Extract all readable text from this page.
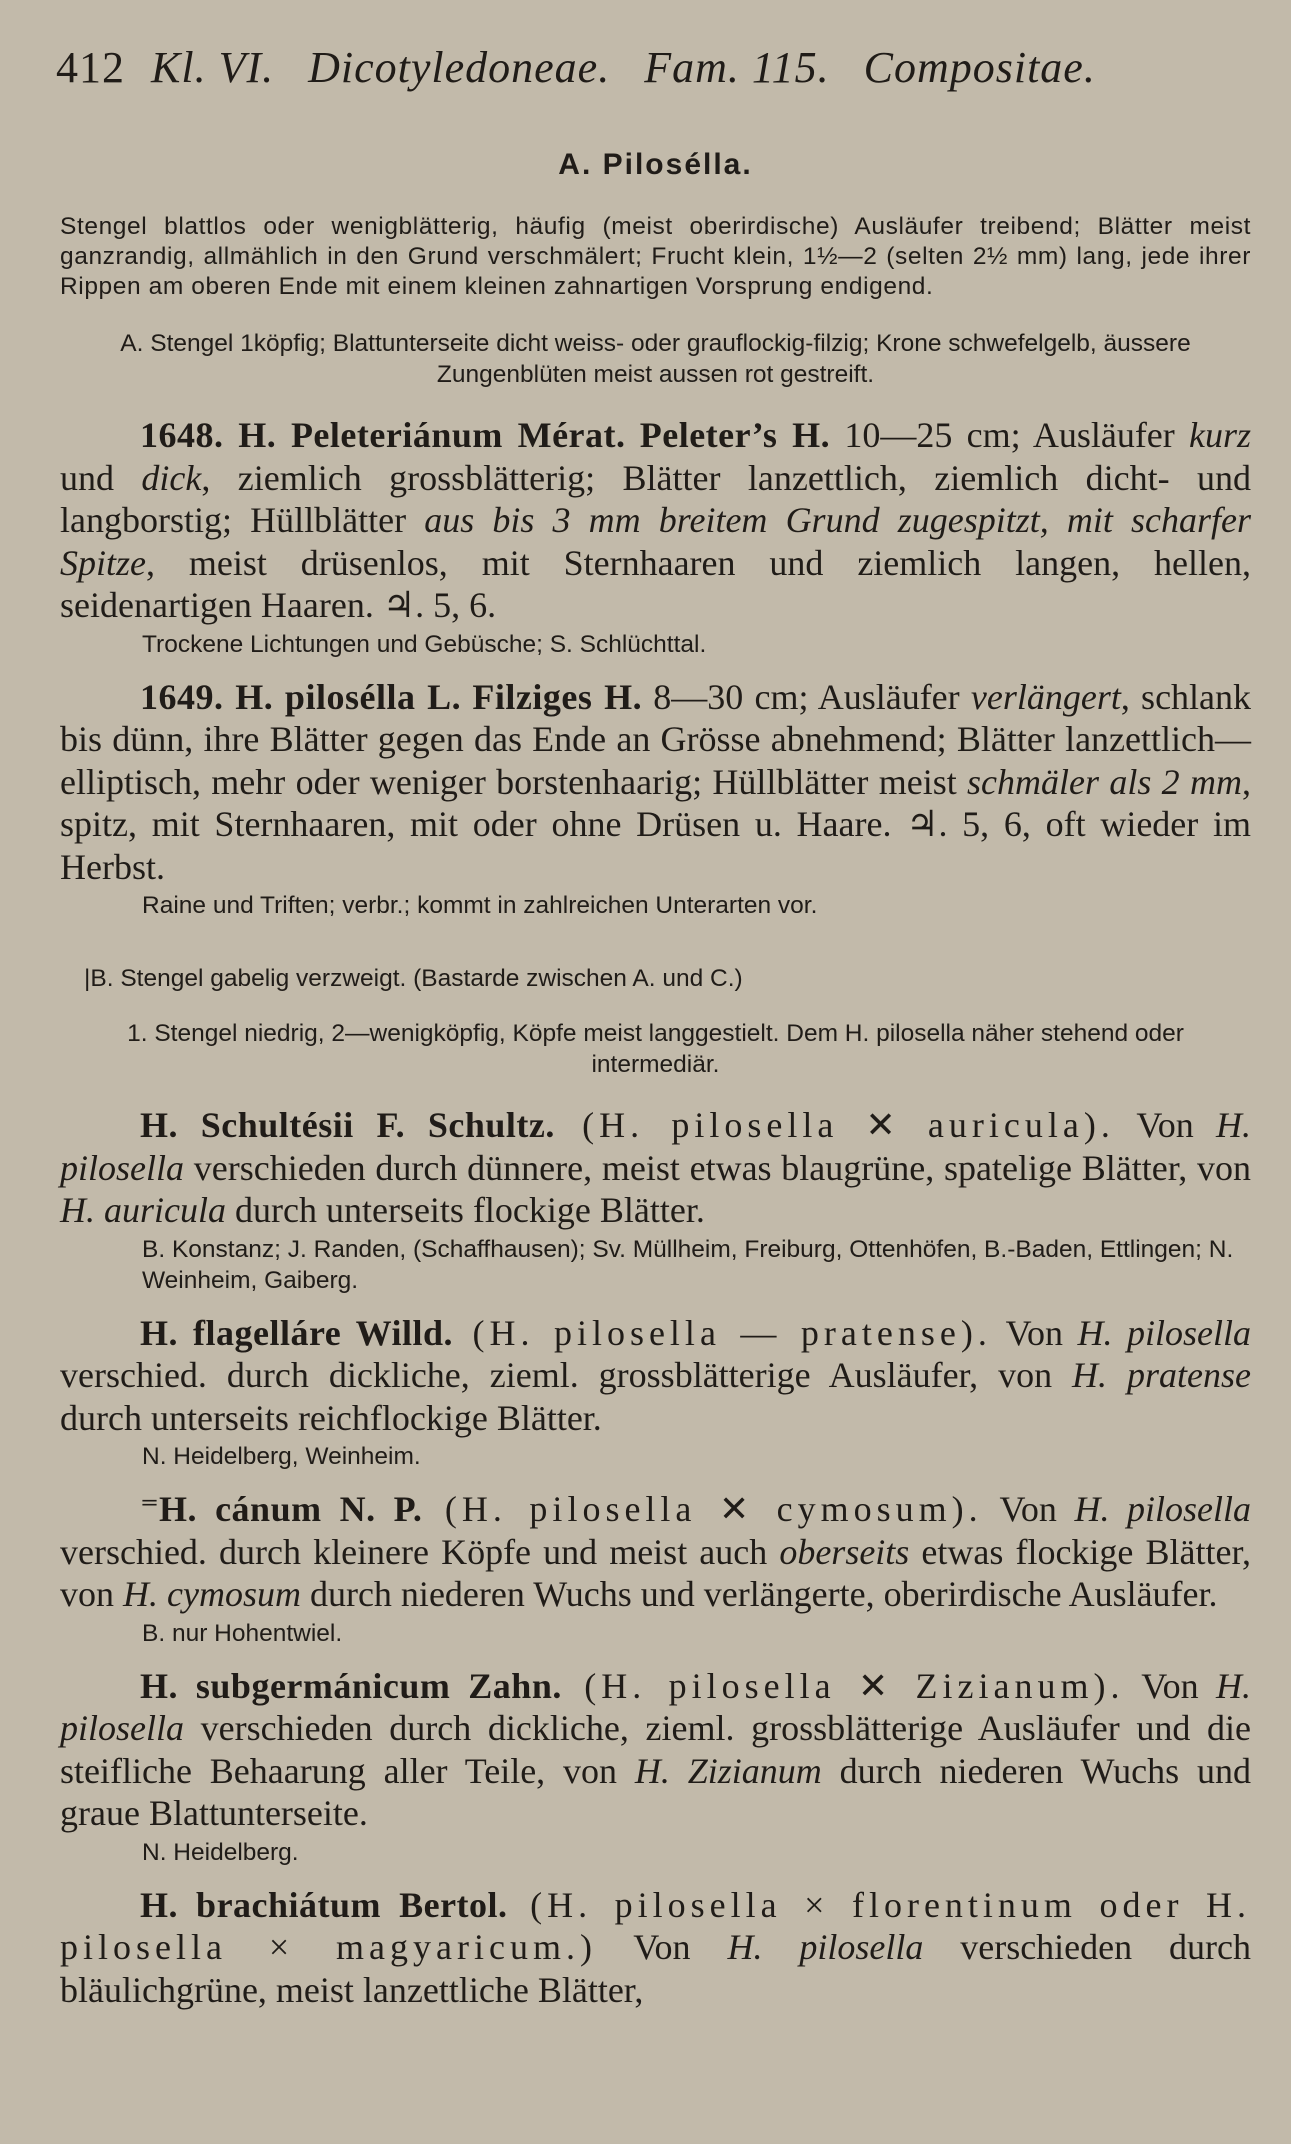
412 Kl. VI. Dicotyledoneae. Fam. 115. Compositae.
A. Pilosélla.

Stengel blattlos oder wenigblätterig, häufig (meist oberirdische) Ausläufer treibend; Blätter meist ganzrandig, allmählich in den Grund verschmälert; Frucht klein, 1½—2 (selten 2½ mm) lang, jede ihrer Rippen am oberen Ende mit einem kleinen zahnartigen Vorsprung endigend.

A. Stengel 1köpfig; Blattunterseite dicht weiss- oder grauflockig-filzig; Krone schwefelgelb, äussere Zungenblüten meist aussen rot gestreift.

1648. H. Peleteriánum Mérat. Peleter’s H. 10—25 cm; Ausläufer kurz und dick, ziemlich grossblätterig; Blätter lanzettlich, ziemlich dicht- und langborstig; Hüllblätter aus bis 3 mm breitem Grund zugespitzt, mit scharfer Spitze, meist drüsenlos, mit Sternhaaren und ziemlich langen, hellen, seidenartigen Haaren. ♃. 5, 6.

Trockene Lichtungen und Gebüsche; S. Schlüchttal.

1649. H. pilosélla L. Filziges H. 8—30 cm; Ausläufer verlängert, schlank bis dünn, ihre Blätter gegen das Ende an Grösse abnehmend; Blätter lanzettlich—elliptisch, mehr oder weniger borstenhaarig; Hüllblätter meist schmäler als 2 mm, spitz, mit Sternhaaren, mit oder ohne Drüsen u. Haare. ♃. 5, 6, oft wieder im Herbst.

Raine und Triften; verbr.; kommt in zahlreichen Unterarten vor.

|B. Stengel gabelig verzweigt. (Bastarde zwischen A. und C.)

1. Stengel niedrig, 2—wenigköpfig, Köpfe meist langgestielt. Dem H. pilosella näher stehend oder intermediär.

H. Schultésii F. Schultz. (H. pilosella ✕ auricula). Von H. pilosella verschieden durch dünnere, meist etwas blaugrüne, spatelige Blätter, von H. auricula durch unterseits flockige Blätter.

B. Konstanz; J. Randen, (Schaffhausen); Sv. Müllheim, Freiburg, Ottenhöfen, B.-Baden, Ettlingen; N. Weinheim, Gaiberg.

H. flagelláre Willd. (H. pilosella — pratense). Von H. pilosella verschied. durch dickliche, zieml. grossblätterige Ausläufer, von H. pratense durch unterseits reichflockige Blätter.

N. Heidelberg, Weinheim.

⁼H. cánum N. P. (H. pilosella ✕ cymosum). Von H. pilosella verschied. durch kleinere Köpfe und meist auch oberseits etwas flockige Blätter, von H. cymosum durch niederen Wuchs und verlängerte, oberirdische Ausläufer.

B. nur Hohentwiel.

H. subgermánicum Zahn. (H. pilosella ✕ Zizianum). Von H. pilosella verschieden durch dickliche, zieml. grossblätterige Ausläufer und die steifliche Behaarung aller Teile, von H. Zizianum durch niederen Wuchs und graue Blattunterseite.

N. Heidelberg.

H. brachiátum Bertol. (H. pilosella × florentinum oder H. pilosella × magyaricum.) Von H. pilosella verschieden durch bläulichgrüne, meist lanzettliche Blätter,
